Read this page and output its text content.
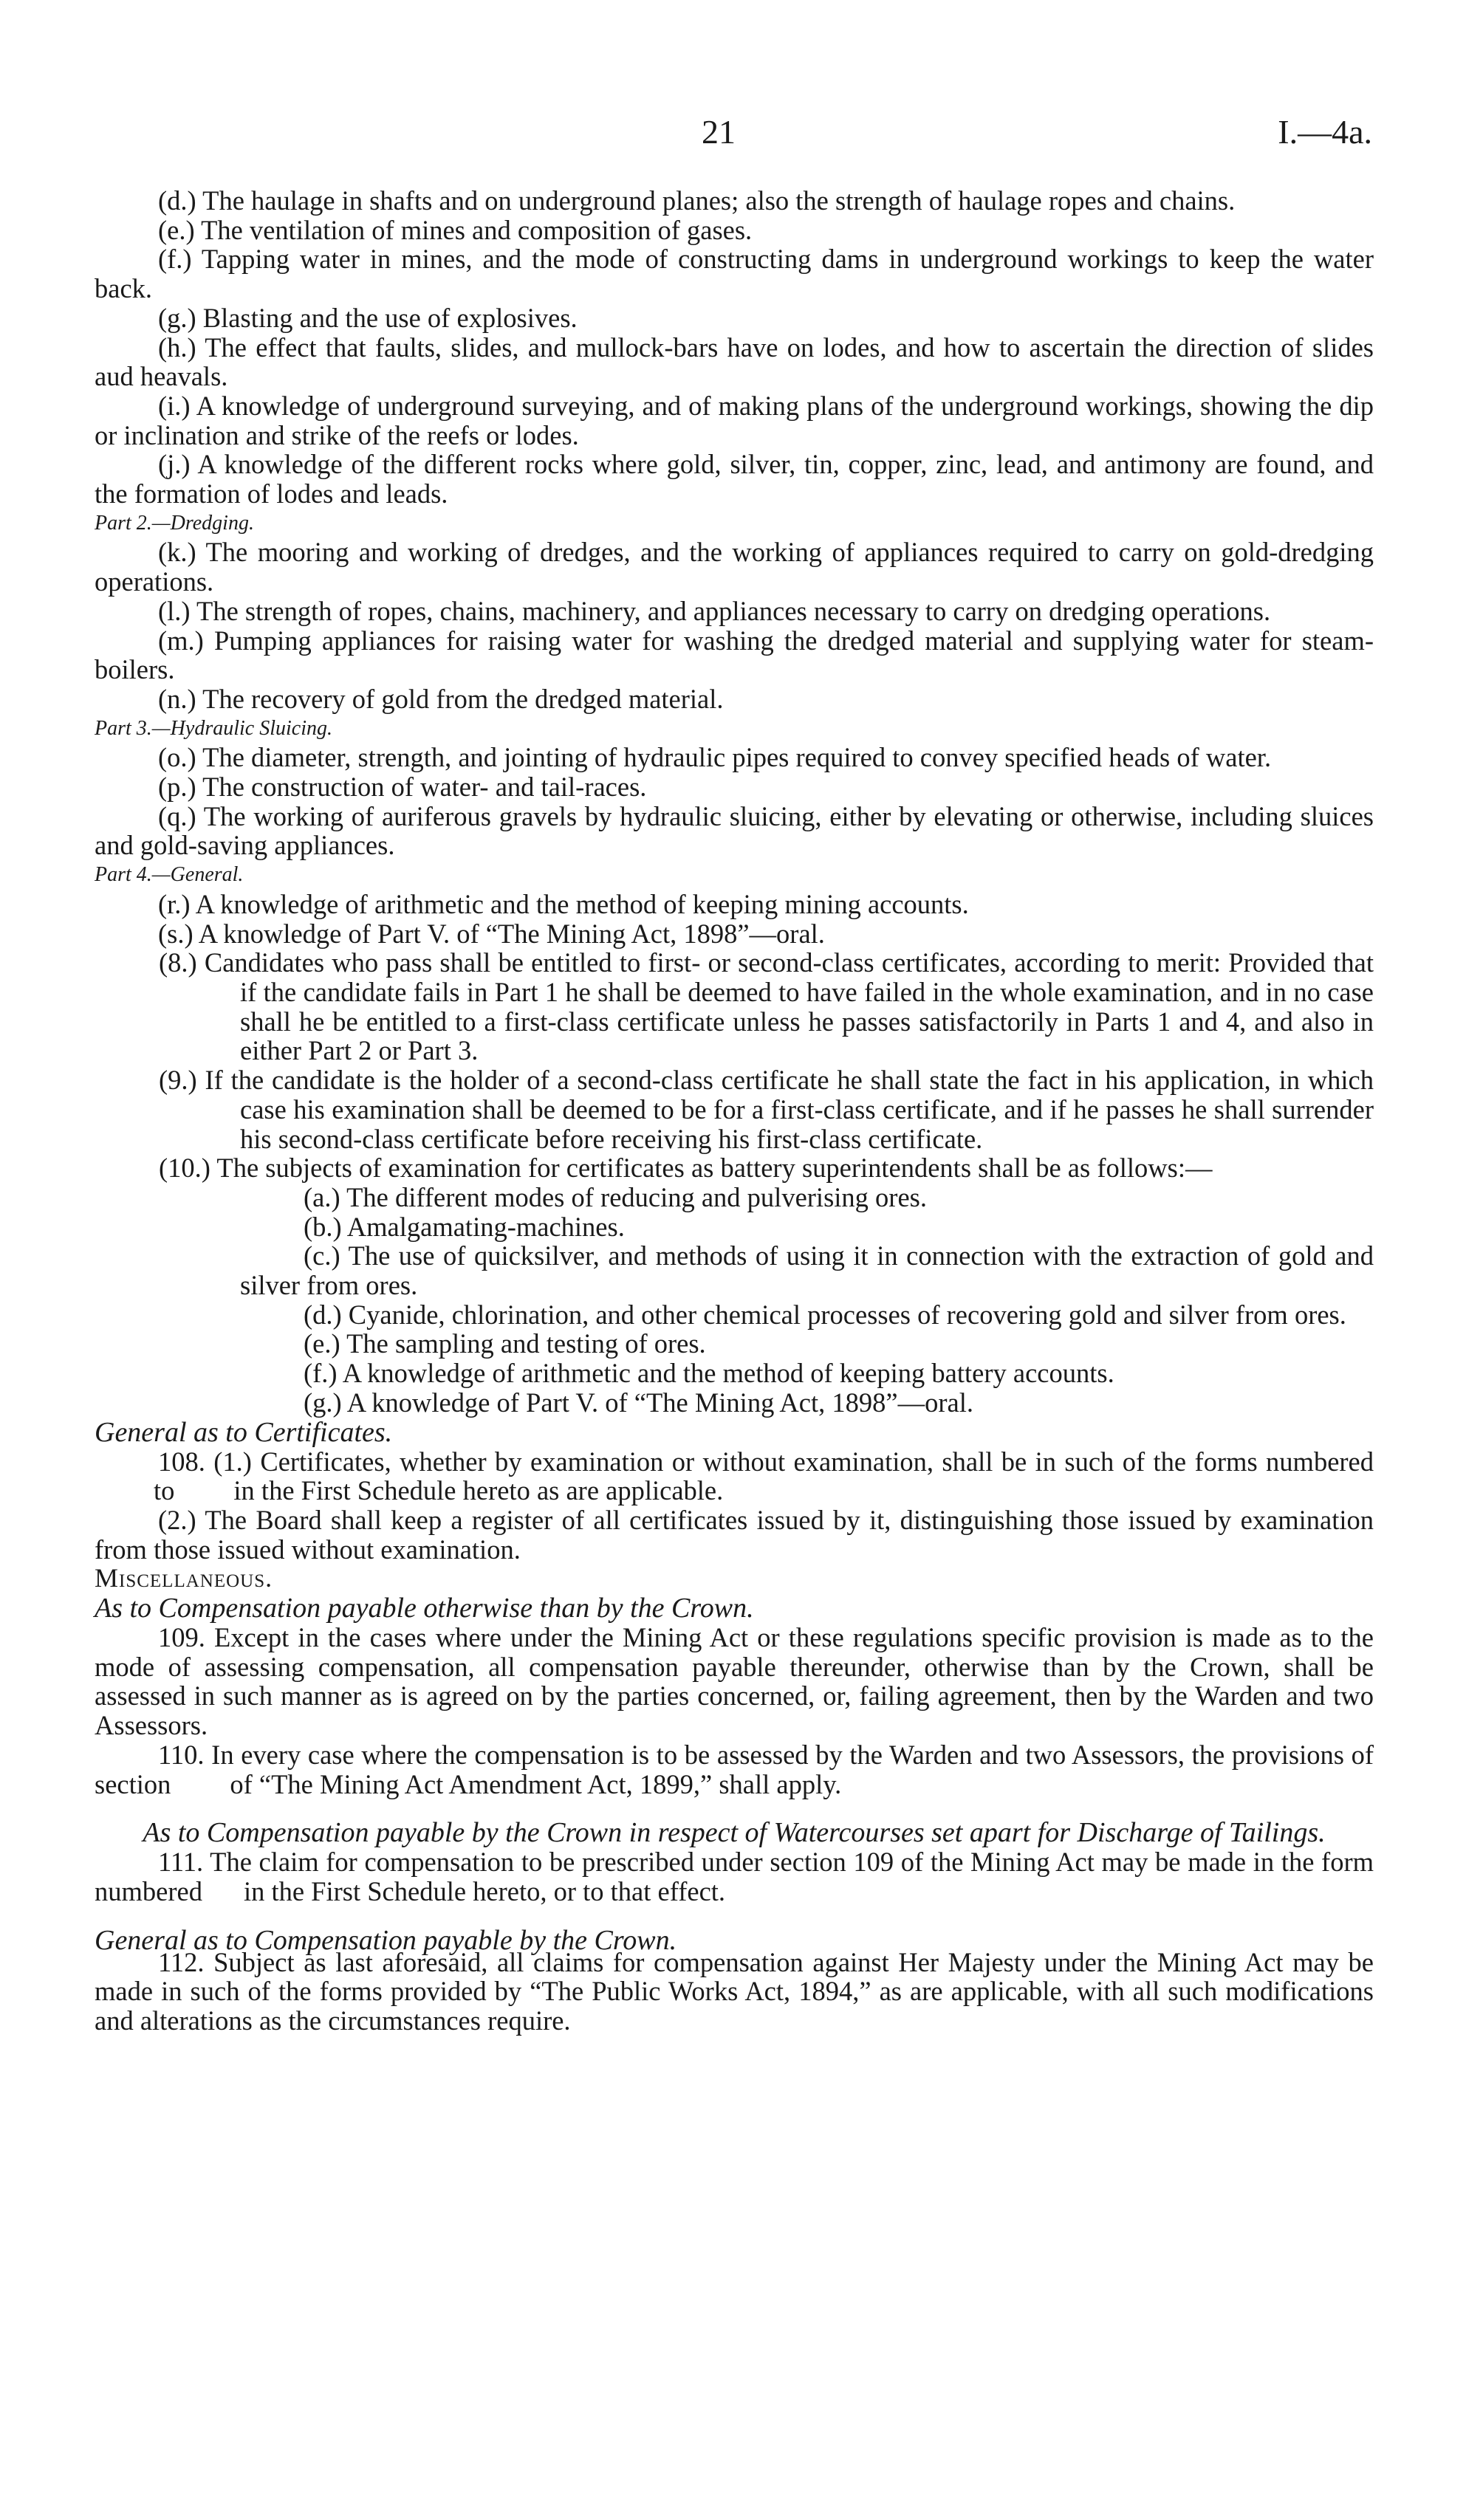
21	I.—4a.

(d.) The haulage in shafts and on underground planes; also the strength of haulage ropes and chains.

(e.) The ventilation of mines and composition of gases.

(f.) Tapping water in mines, and the mode of constructing dams in underground workings to keep the water back.

(g.) Blasting and the use of explosives.

(h.) The effect that faults, slides, and mullock-bars have on lodes, and how to ascertain the direction of slides aud heavals.

(i.) A knowledge of underground surveying, and of making plans of the underground workings, showing the dip or inclination and strike of the reefs or lodes.

(j.) A knowledge of the different rocks where gold, silver, tin, copper, zinc, lead, and antimony are found, and the formation of lodes and leads.

Part 2.—Dredging.

(k.) The mooring and working of dredges, and the working of appliances required to carry on gold-dredging operations.

(l.) The strength of ropes, chains, machinery, and appliances necessary to carry on dredging operations.

(m.) Pumping appliances for raising water for washing the dredged material and supplying water for steam-boilers.

(n.) The recovery of gold from the dredged material.

Part 3.—Hydraulic Sluicing.

(o.) The diameter, strength, and jointing of hydraulic pipes required to convey specified heads of water.

(p.) The construction of water- and tail-races.

(q.) The working of auriferous gravels by hydraulic sluicing, either by elevating or otherwise, including sluices and gold-saving appliances.

Part 4.—General.

(r.) A knowledge of arithmetic and the method of keeping mining accounts.

(s.) A knowledge of Part V. of “The Mining Act, 1898”—oral.

(8.) Candidates who pass shall be entitled to first- or second-class certificates, according to merit: Provided that if the candidate fails in Part 1 he shall be deemed to have failed in the whole examination, and in no case shall he be entitled to a first-class certificate unless he passes satisfactorily in Parts 1 and 4, and also in either Part 2 or Part 3.

(9.) If the candidate is the holder of a second-class certificate he shall state the fact in his application, in which case his examination shall be deemed to be for a first-class certificate, and if he passes he shall surrender his second-class certificate before receiving his first-class certificate.

(10.) The subjects of examination for certificates as battery superintendents shall be as follows:—

(a.) The different modes of reducing and pulverising ores.

(b.) Amalgamating-machines.

(c.) The use of quicksilver, and methods of using it in connection with the extraction of gold and silver from ores.

(d.) Cyanide, chlorination, and other chemical processes of recovering gold and silver from ores.

(e.) The sampling and testing of ores.

(f.) A knowledge of arithmetic and the method of keeping battery accounts.

(g.) A knowledge of Part V. of “The Mining Act, 1898”—oral.

General as to Certificates.

108. (1.) Certificates, whether by examination or without examination, shall be in such of the forms numberedto in the First Schedule hereto as are applicable.

(2.) The Board shall keep a register of all certificates issued by it, distinguishing those issued by examination from those issued without examination.

Miscellaneous.

As to Compensation payable otherwise than by the Crown.

109. Except in the cases where under the Mining Act or these regulations specific provision is made as to the mode of assessing compensation, all compensation payable thereunder, otherwise than by the Crown, shall be assessed in such manner as is agreed on by the parties concerned, or, failing agreement, then by the Warden and two Assessors.

110. In every case where the compensation is to be assessed by the Warden and two Assessors, the provisions of section of “The Mining Act Amendment Act, 1899,” shall apply.

As to Compensation payable by the Crown in respect of Watercourses set apart for Discharge of Tailings.

111. The claim for compensation to be prescribed under section 109 of the Mining Act may be made in the form numbered in the First Schedule hereto, or to that effect.

General as to Compensation payable by the Crown.

112. Subject as last aforesaid, all claims for compensation against Her Majesty under the Mining Act may be made in such of the forms provided by “The Public Works Act, 1894,” as are applicable, with all such modifications and alterations as the circumstances require.
